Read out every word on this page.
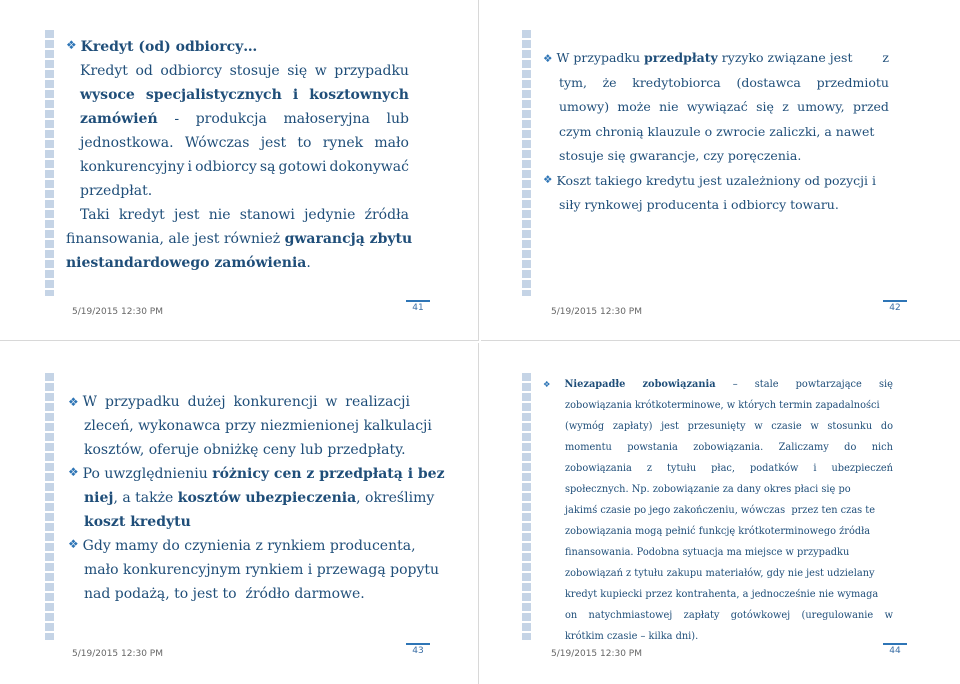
❖ Kredyt (od) odbiorcy…
Kredyt od odbiorcy stosuje się w przypadku
wysoce specjalistycznych i kosztownych
zamówień - produkcja małoseryjna lub
jednostkowa. Wówczas jest to rynek mało
konkurencyjny i odbiorcy są gotowi dokonywać
przedpłat.
Taki kredyt jest nie stanowi jedynie źródła
finansowania, ale jest również gwarancją zbytu
niestandardowego zamówienia .
5/19/2015 12:30 PM	41
❖ W przypadku przedpłaty ryzyko związane jest z
tym, że kredytobiorca (dostawca przedmiotu
umowy) może nie wywiązać się z umowy, przed
czym chronią klauzule o zwrocie zaliczki, a nawet
stosuje się gwarancje, czy poręczenia.
❖ Koszt takiego kredytu jest uzależniony od pozycji i
siły rynkowej producenta i odbiorcy towaru.
5/19/2015 12:30 PM	42
❖ W przypadku dużej konkurencji w realizacji
zleceń, wykonawca przy niezmienionej kalkulacji
kosztów, oferuje obniżkę ceny lub przedpłaty.
❖ Po uwzględnieniu różnicy cen z przedpłatą i bez
niej , a także kosztów ubezpieczenia , określimy
koszt kredytu
❖ Gdy mamy do czynienia z rynkiem producenta,
mało konkurencyjnym rynkiem i przewagą popytu
nad podażą, to jest to  źródło darmowe.
5/19/2015 12:30 PM	43
❖ Niezapadłe zobowiązania – stale powtarzające się
zobowiązania krótkoterminowe, w których termin zapadalności
(wymóg zapłaty) jest przesunięty w czasie w stosunku do
momentu powstania zobowiązania. Zaliczamy do nich
zobowiązania z tytułu płac, podatków i ubezpieczeń
społecznych. Np. zobowiązanie za dany okres płaci się po
jakimś czasie po jego zakończeniu, wówczas  przez ten czas te
zobowiązania mogą pełnić funkcję krótkoterminowego źródła
finansowania. Podobna sytuacja ma miejsce w przypadku
zobowiązań z tytułu zakupu materiałów, gdy nie jest udzielany
kredyt kupiecki przez kontrahenta, a jednocześnie nie wymaga
on natychmiastowej zapłaty gotówkowej (uregulowanie w
krótkim czasie – kilka dni).
5/19/2015 12:30 PM	44
